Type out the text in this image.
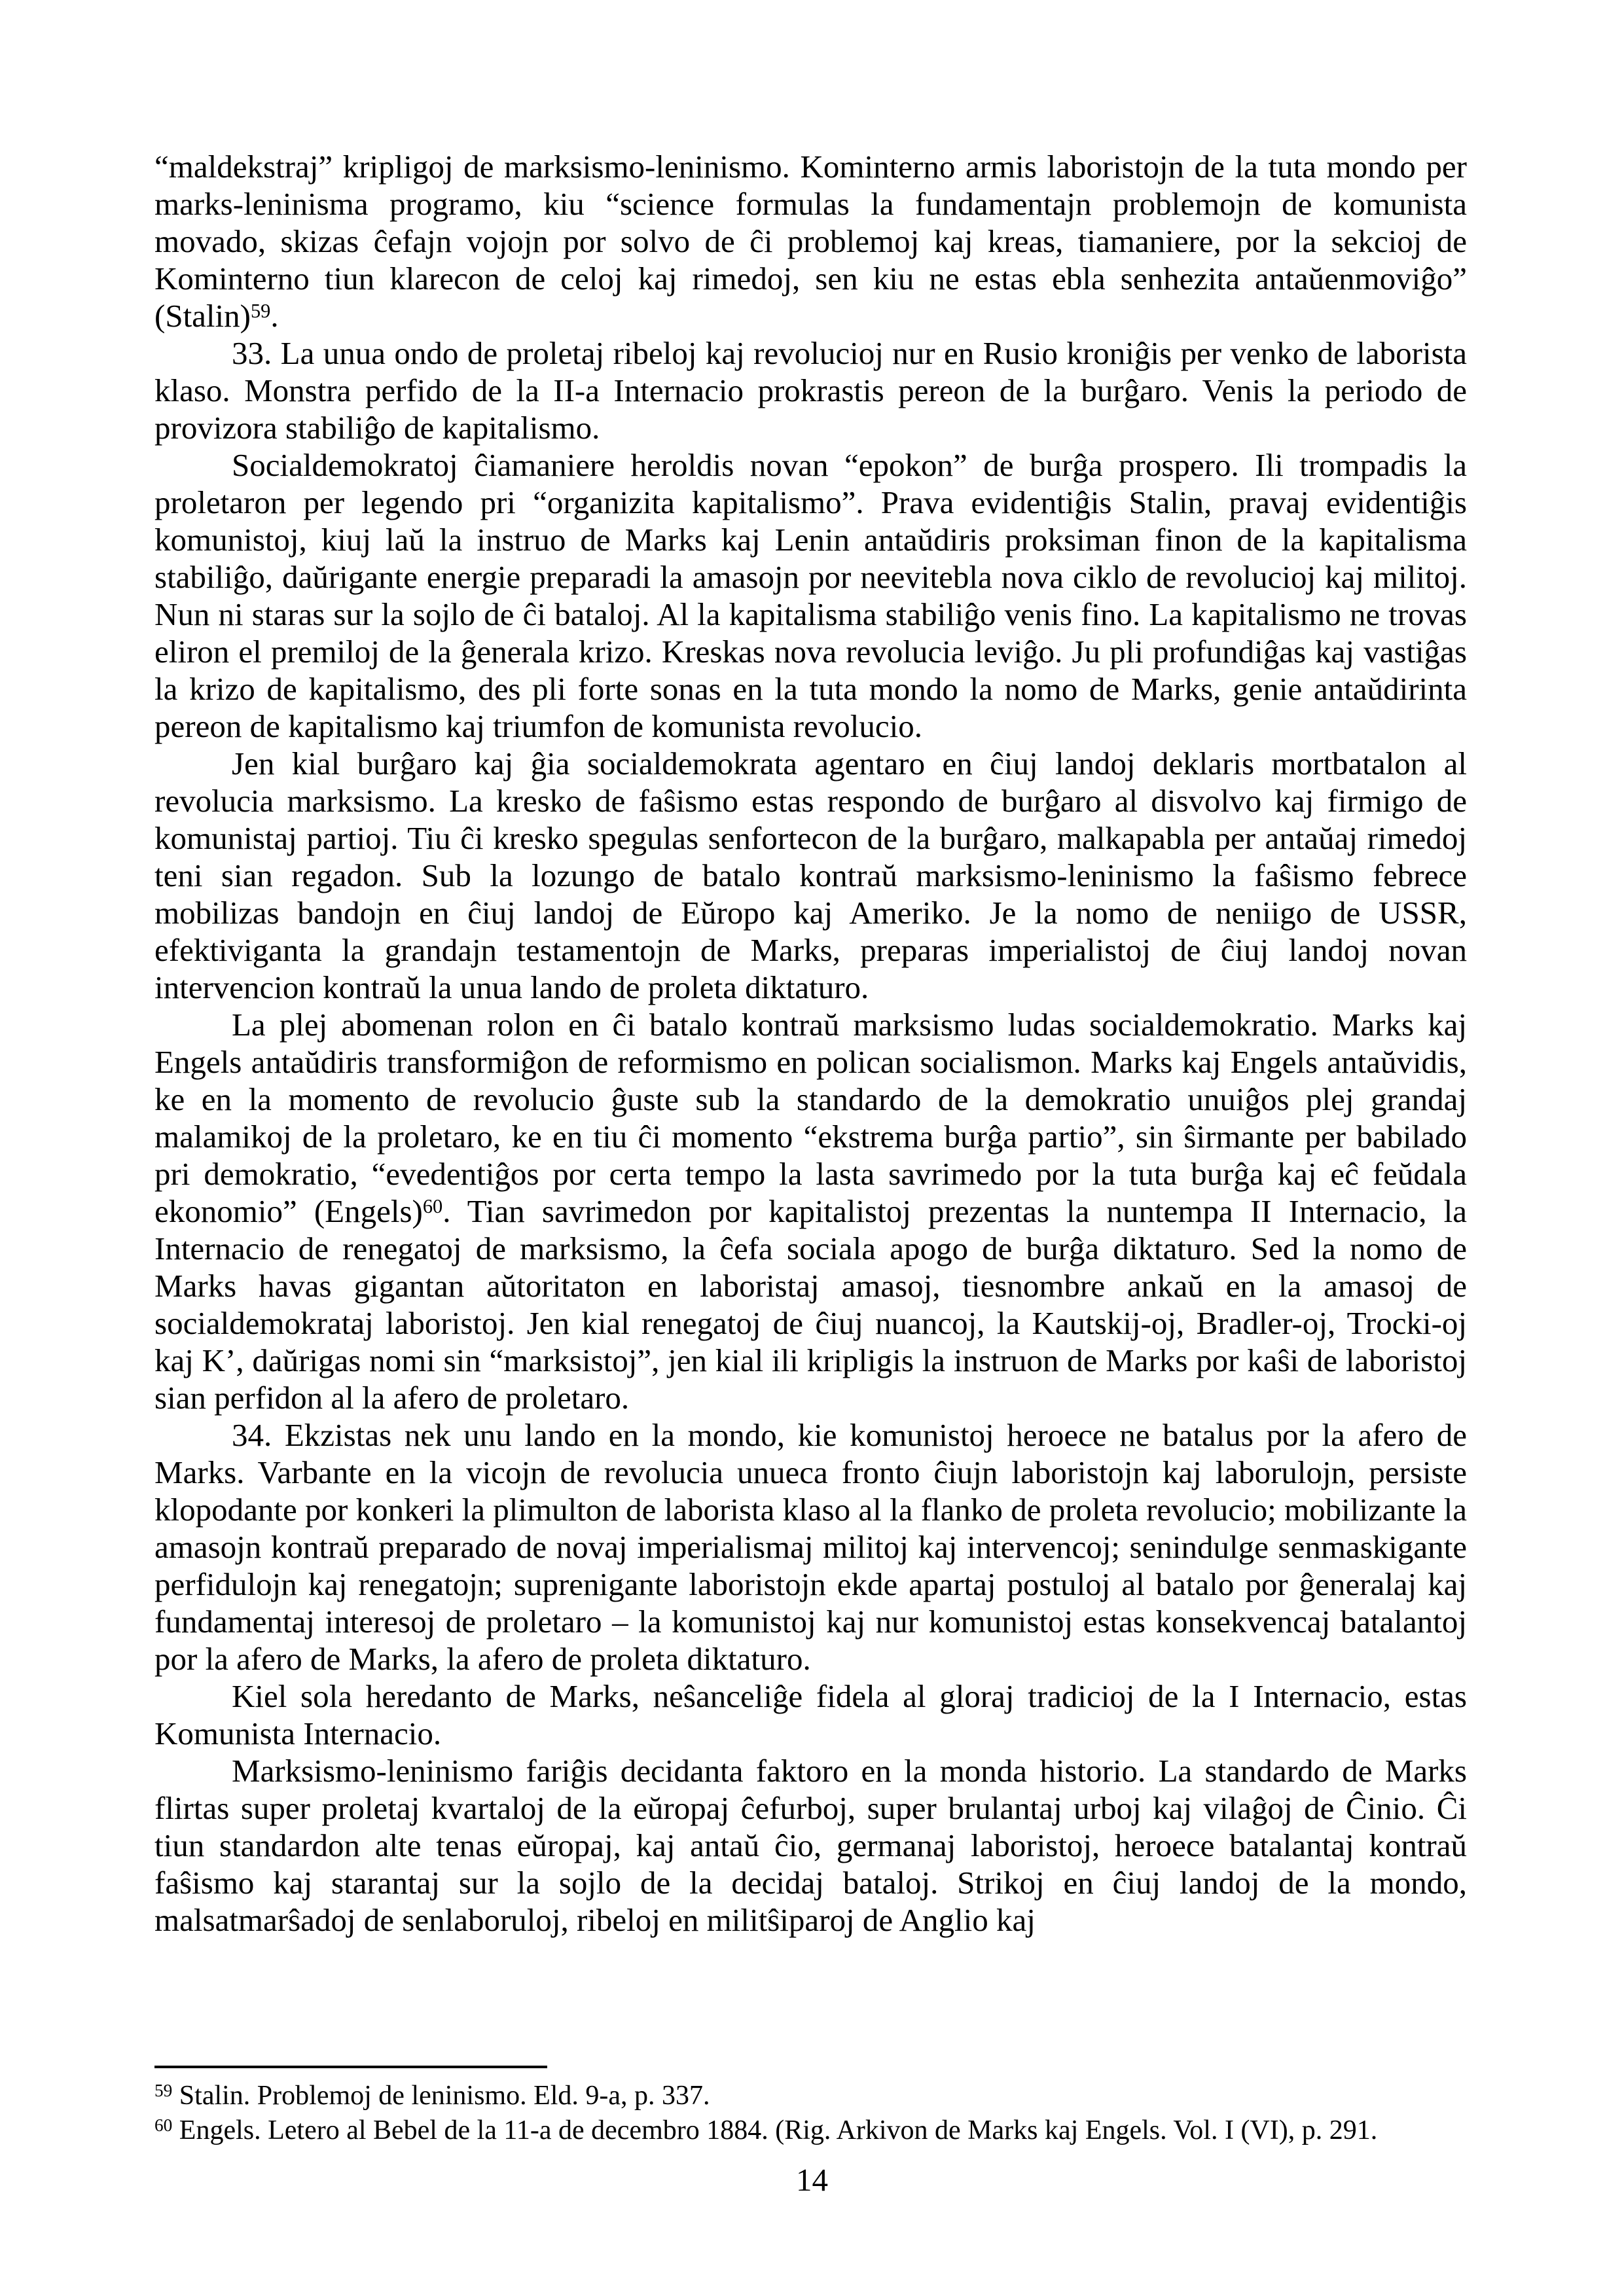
“maldekstraj” kripligoj de marksismo-leninismo. Kominterno armis laboristojn de la tuta mondo per marks-leninisma programo, kiu “science formulas la fundamentajn problemojn de komunista movado, skizas ĉefajn vojojn por solvo de ĉi problemoj kaj kreas, tiamaniere, por la sekcioj de Kominterno tiun klarecon de celoj kaj rimedoj, sen kiu ne estas ebla senhezita antaŭenmoviĝo” (Stalin)$^{59}$.

33. La unua ondo de proletaj ribeloj kaj revolucioj nur en Rusio kroniĝis per venko de laborista klaso. Monstra perfido de la II-a Internacio prokrastis pereon de la burĝaro. Venis la periodo de provizora stabiliĝo de kapitalismo.

Socialdemokratoj ĉiamaniere heroldis novan “epokon” de burĝa prospero. Ili trompadis la proletaron per legendo pri “organizita kapitalismo”. Prava evidentiĝis Stalin, pravaj evidentiĝis komunistoj, kiuj laŭ la instruo de Marks kaj Lenin antaŭdiris proksiman finon de la kapitalisma stabiliĝo, daŭrigante energie preparadi la amasojn por neevitebla nova ciklo de revolucioj kaj militoj. Nun ni staras sur la sojlo de ĉi bataloj. Al la kapitalisma stabiliĝo venis fino. La kapitalismo ne trovas eliron el premiloj de la ĝenerala krizo. Kreskas nova revolucia leviĝo. Ju pli profundiĝas kaj vastiĝas la krizo de kapitalismo, des pli forte sonas en la tuta mondo la nomo de Marks, genie antaŭdirinta pereon de kapitalismo kaj triumfon de komunista revolucio.

Jen kial burĝaro kaj ĝia socialdemokrata agentaro en ĉiuj landoj deklaris mortbatalon al revolucia marksismo. La kresko de faŝismo estas respondo de burĝaro al disvolvo kaj firmigo de komunistaj partioj. Tiu ĉi kresko spegulas senfortecon de la burĝaro, malkapabla per antaŭaj rimedoj teni sian regadon. Sub la lozungo de batalo kontraŭ marksismo-leninismo la faŝismo febrece mobilizas bandojn en ĉiuj landoj de Eŭropo kaj Ameriko. Je la nomo de neniigo de USSR, efektiviganta la grandajn testamentojn de Marks, preparas imperialistoj de ĉiuj landoj novan intervencion kontraŭ la unua lando de proleta diktaturo.

La plej abomenan rolon en ĉi batalo kontraŭ marksismo ludas socialdemokratio. Marks kaj Engels antaŭdiris transformiĝon de reformismo en polican socialismon. Marks kaj Engels antaŭvidis, ke en la momento de revolucio ĝuste sub la standardo de la demokratio unuiĝos plej grandaj malamikoj de la proletaro, ke en tiu ĉi momento “ekstrema burĝa partio”, sin ŝirmante per babilado pri demokratio, “evedentiĝos por certa tempo la lasta savrimedo por la tuta burĝa kaj eĉ feŭdala ekonomio” (Engels)$^{60}$. Tian savrimedon por kapitalistoj prezentas la nuntempa II Internacio, la Internacio de renegatoj de marksismo, la ĉefa sociala apogo de burĝa diktaturo. Sed la nomo de Marks havas gigantan aŭtoritaton en laboristaj amasoj, tiesnombre ankaŭ en la amasoj de socialdemokrataj laboristoj. Jen kial renegatoj de ĉiuj nuancoj, la Kautskij-oj, Bradler-oj, Trocki-oj kaj K’, daŭrigas nomi sin “marksistoj”, jen kial ili kripligis la instruon de Marks por kaŝi de laboristoj sian perfidon al la afero de proletaro.

34. Ekzistas nek unu lando en la mondo, kie komunistoj heroece ne batalus por la afero de Marks. Varbante en la vicojn de revolucia unueca fronto ĉiujn laboristojn kaj laborulojn, persiste klopodante por konkeri la plimulton de laborista klaso al la flanko de proleta revolucio; mobilizante la amasojn kontraŭ preparado de novaj imperialismaj militoj kaj intervencoj; senindulge senmaskigante perfidulojn kaj renegatojn; suprenigante laboristojn ekde apartaj postuloj al batalo por ĝeneralaj kaj fundamentaj interesoj de proletaro – la komunistoj kaj nur komunistoj estas konsekvencaj batalantoj por la afero de Marks, la afero de proleta diktaturo.

Kiel sola heredanto de Marks, neŝanceliĝe fidela al gloraj tradicioj de la I Internacio, estas Komunista Internacio.

Marksismo-leninismo fariĝis decidanta faktoro en la monda historio. La standardo de Marks flirtas super proletaj kvartaloj de la eŭropaj ĉefurboj, super brulantaj urboj kaj vilaĝoj de Ĉinio. Ĉi tiun standardon alte tenas eŭropaj, kaj antaŭ ĉio, germanaj laboristoj, heroece batalantaj kontraŭ faŝismo kaj starantaj sur la sojlo de la decidaj bataloj. Strikoj en ĉiuj landoj de la mondo, malsatmarŝadoj de senlaboruloj, ribeloj en militŝiparoj de Anglio kaj

$^{59}$ Stalin. Problemoj de leninismo. Eld. 9-a, p. 337.
$^{60}$ Engels. Letero al Bebel de la 11-a de decembro 1884. (Rig. Arkivon de Marks kaj Engels. Vol. I (VI), p. 291.
14
